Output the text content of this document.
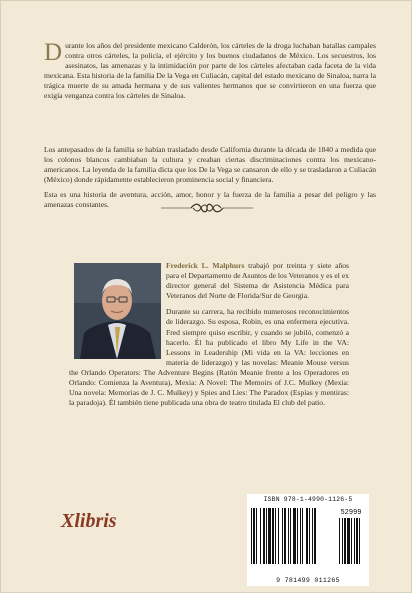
Durante los años del presidente mexicano Calderón, los cárteles de la droga luchaban batallas campales contra otros cárteles, la policía, el ejército y los buenos ciudadanos de México. Los secuestros, los asesinatos, las amenazas y la intimidación por parte de los cárteles afectaban cada faceta de la vida mexicana. Esta historia de la familia De la Vega en Culiacán, capital del estado mexicano de Sinaloa, narra la trágica muerte de su amada hermana y de sus valientes hermanos que se convirtieron en una fuerza que exigía venganza contra los cárteles de Sinaloa.

Los antepasados de la familia se habían trasladado desde California durante la década de 1840 a medida que los colonos blancos cambiaban la cultura y creaban ciertas discriminaciones contra los mexicano-americanos. La leyenda de la familia dicta que los De la Vega se cansaron de ello y se trasladaron a Culiacán (México) donde rápidamente establecieron prominencia social y financiera.

Esta es una historia de aventura, acción, amor, honor y la fuerza de la familia a pesar del peligro y las amenazas constantes.

Frederick L. Malphurs trabajó por treinta y siete años para el Departamento de Asuntos de los Veteranos y es el ex director general del Sistema de Asistencia Médica para Veteranos del Norte de Florida/Sur de Georgia.

Durante su carrera, ha recibido numerosos reconocimientos de liderazgo. Su esposa, Robin, es una enfermera ejecutiva. Fred siempre quiso escribir, y cuando se jubiló, comenzó a hacerlo. Él ha publicado el libro My Life in the VA: Lessons in Leadership (Mi vida en la VA: lecciones en materia de liderazgo) y las novelas: Meanie Mouse versus the Orlando Operators: The Adventure Begins (Ratón Meanie frente a los Operadores en Orlando: Comienza la Aventura), Mexia: A Novel: The Memoirs of J.C. Mulkey (Mexia: Una novela: Memorias de J. C. Mulkey) y Spies and Lies: The Paradox (Espías y mentiras: la paradoja). Él también tiene publicada una obra de teatro titulada El club del patio.

Xlibris
ISBN 978-1-4990-1126-5
52999
9 781499 011265
